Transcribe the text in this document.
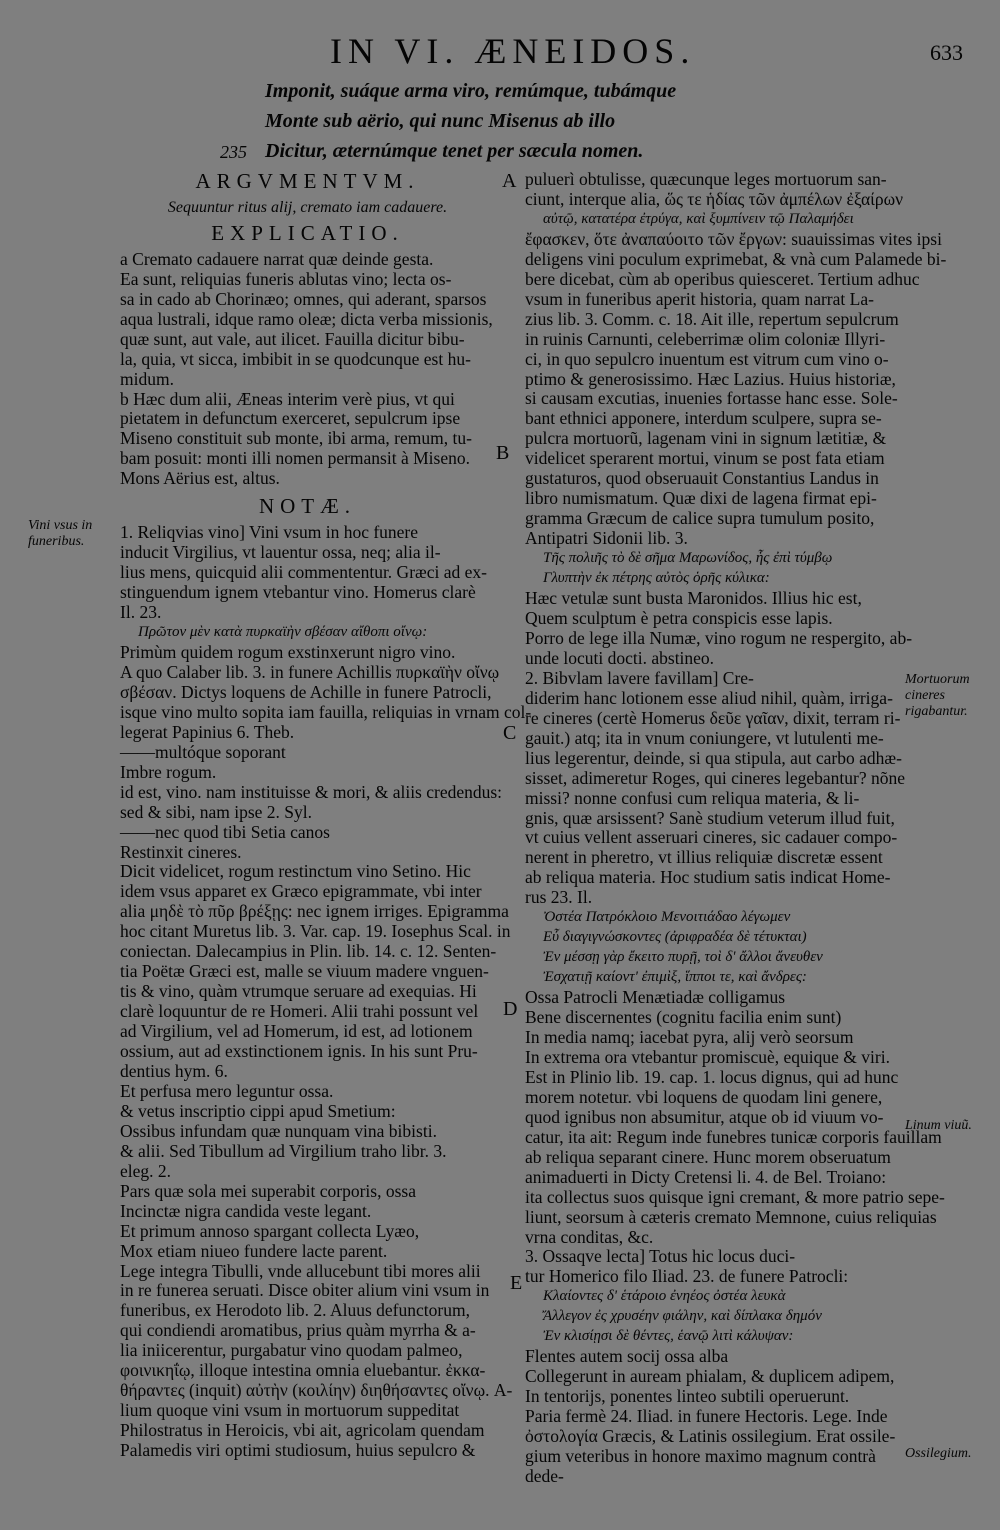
IN VI. ÆNEIDOS.	633
Imponit, suáque arma viro, remúmque, tubámque
Monte sub aërio, qui nunc Misenus ab illo
235 Dicitur, æternúmque tenet per sæcula nomen.
Vini vsus in funeribus.
Mortuorum cineres rigabantur.
Linum viuũ.
Ossilegium.
A
B
C
D
E
ARGVMENTVM.
Sequuntur ritus alij, cremato iam cadauere.
EXPLICATIO.
a Cremato cadauere narrat quæ deinde gesta.
Ea sunt, reliquias funeris ablutas vino; lecta os-
sa in cado ab Chorinæo; omnes, qui aderant, sparsos
aqua lustrali, idque ramo oleæ; dicta verba missionis,
quæ sunt, aut vale, aut ilicet. Fauilla dicitur bibu-
la, quia, vt sicca, imbibit in se quodcunque est hu-
midum.
b Hæc dum alii, Æneas interim verè pius, vt qui
pietatem in defunctum exerceret, sepulcrum ipse
Miseno constituit sub monte, ibi arma, remum, tu-
bam posuit: monti illi nomen permansit à Miseno.
Mons Aërius est, altus.
NOTÆ.
1. Reliqvias vino] Vini vsum in hoc funere
inducit Virgilius, vt lauentur ossa, neq; alia il-
lius mens, quicquid alii commententur. Græci ad ex-
stinguendum ignem vtebantur vino. Homerus clarè
Il. 23.
Πρῶτον μὲν κατὰ πυρκαϊὴν σβέσαν αἴθοπι οἴνῳ:
Primùm quidem rogum exstinxerunt nigro vino.
A quo Calaber lib. 3. in funere Achillis πυρκαϊὴν οἴνῳ
σβέσαν. Dictys loquens de Achille in funere Patrocli,
isque vino multo sopita iam fauilla, reliquias in vrnam col-
legerat Papinius 6. Theb.
——multóque soporant
Imbre rogum.
id est, vino. nam instituisse & mori, & aliis credendus:
sed & sibi, nam ipse 2. Syl.
——nec quod tibi Setia canos
Restinxit cineres.
Dicit videlicet, rogum restinctum vino Setino. Hic
idem vsus apparet ex Græco epigrammate, vbi inter
alia μηδὲ τὸ πῦρ βρέξῃς: nec ignem irriges. Epigramma
hoc citant Muretus lib. 3. Var. cap. 19. Iosephus Scal. in
coniectan. Dalecampius in Plin. lib. 14. c. 12. Senten-
tia Poëtæ Græci est, malle se viuum madere vnguen-
tis & vino, quàm vtrumque seruare ad exequias. Hi
clarè loquuntur de re Homeri. Alii trahi possunt vel
ad Virgilium, vel ad Homerum, id est, ad lotionem
ossium, aut ad exstinctionem ignis. In his sunt Pru-
dentius hym. 6.
Et perfusa mero leguntur ossa.
& vetus inscriptio cippi apud Smetium:
Ossibus infundam quæ nunquam vina bibisti.
& alii. Sed Tibullum ad Virgilium traho libr. 3.
eleg. 2.
Pars quæ sola mei superabit corporis, ossa
Incinctæ nigra candida veste legant.
Et primum annoso spargant collecta Lyæo,
Mox etiam niueo fundere lacte parent.
Lege integra Tibulli, vnde allucebunt tibi mores alii
in re funerea seruati. Disce obiter alium vini vsum in
funeribus, ex Herodoto lib. 2. Aluus defunctorum,
qui condiendi aromatibus, prius quàm myrrha & a-
lia iniicerentur, purgabatur vino quodam palmeo,
φοινικηΐῳ, illoque intestina omnia eluebantur. ἐκκα-
θήραντες (inquit) αὐτὴν (κοιλίην) διηθήσαντες οἴνῳ. A-
lium quoque vini vsum in mortuorum suppeditat
Philostratus in Heroicis, vbi ait, agricolam quendam
Palamedis viri optimi studiosum, huius sepulcro &
puluerì obtulisse, quæcunque leges mortuorum san-
ciunt, interque alia, ὥς τε ἡδίας τῶν ἀμπέλων ἐξαίρων
αὐτῷ, κατατέρα ἐτρύγα, καὶ ξυμπίνειν τῷ Παλαμήδει
ἔφασκεν, ὅτε ἀναπαύοιτο τῶν ἔργων: suauissimas vites ipsi
deligens vini poculum exprimebat, & vnà cum Palamede bi-
bere dicebat, cùm ab operibus quiesceret. Tertium adhuc
vsum in funeribus aperit historia, quam narrat La-
zius lib. 3. Comm. c. 18. Ait ille, repertum sepulcrum
in ruinis Carnunti, celeberrimæ olim coloniæ Illyri-
ci, in quo sepulcro inuentum est vitrum cum vino o-
ptimo & generosissimo. Hæc Lazius. Huius historiæ,
si causam excutias, inuenies fortasse hanc esse. Sole-
bant ethnici apponere, interdum sculpere, supra se-
pulcra mortuorũ, lagenam vini in signum lætitiæ, &
videlicet sperarent mortui, vinum se post fata etiam
gustaturos, quod obseruauit Constantius Landus in
libro numismatum. Quæ dixi de lagena firmat epi-
gramma Græcum de calice supra tumulum posito,
Antipatri Sidonii lib. 3.
Τῆς πολιῆς τὸ δὲ σῆμα Μαρωνίδος, ἧς ἐπὶ τύμβῳ
Γλυπτὴν ἐκ πέτρης αὐτὸς ὁρῆς κύλικα:
Hæc vetulæ sunt busta Maronidos. Illius hic est,
Quem sculptum è petra conspicis esse lapis.
Porro de lege illa Numæ, vino rogum ne respergito, ab-
unde locuti docti. abstineo.
2. Bibvlam lavere favillam] Cre-
diderim hanc lotionem esse aliud nihil, quàm, irriga-
re cineres (certè Homerus δεῦε γαῖαν, dixit, terram ri-
gauit.) atq; ita in vnum coniungere, vt lutulenti me-
lius legerentur, deinde, si qua stipula, aut carbo adhæ-
sisset, adimeretur Roges, qui cineres legebantur? nõne
missi? nonne confusi cum reliqua materia, & li-
gnis, quæ arsissent? Sanè studium veterum illud fuit,
vt cuius vellent asseruari cineres, sic cadauer compo-
nerent in pheretro, vt illius reliquiæ discretæ essent
ab reliqua materia. Hoc studium satis indicat Home-
rus 23. Il.
Ὀστέα Πατρόκλοιο Μενοιτιάδαο λέγωμεν
Εὖ διαγιγνώσκοντες (ἀριφραδέα δὲ τέτυκται)
Ἐν μέσσῃ γὰρ ἔκειτο πυρῇ, τοὶ δ' ἄλλοι ἄνευθεν
Ἐσχατιῇ καίοντ' ἐπιμὶξ, ἵπποι τε, καὶ ἄνδρες:
Ossa Patrocli Menætiadæ colligamus
Bene discernentes (cognitu facilia enim sunt)
In media namq; iacebat pyra, alij verò seorsum
In extrema ora vtebantur promiscuè, equique & viri.
Est in Plinio lib. 19. cap. 1. locus dignus, qui ad hunc
morem notetur. vbi loquens de quodam lini genere,
quod ignibus non absumitur, atque ob id viuum vo-
catur, ita ait: Regum inde funebres tunicæ corporis fauillam
ab reliqua separant cinere. Hunc morem obseruatum
animaduerti in Dicty Cretensi li. 4. de Bel. Troiano:
ita collectus suos quisque igni cremant, & more patrio sepe-
liunt, seorsum à cæteris cremato Memnone, cuius reliquias
vrna conditas, &c.
3. Ossaqve lecta] Totus hic locus duci-
tur Homerico filo Iliad. 23. de funere Patrocli:
Κλαίοντες δ' ἑτάροιο ἐνηέος ὀστέα λευκὰ
Ἄλλεγον ἐς χρυσέην φιάλην, καὶ δίπλακα δημόν
Ἐν κλισίῃσι δὲ θέντες, ἑανῷ λιτὶ κάλυψαν:
Flentes autem socij ossa alba
Collegerunt in auream phialam, & duplicem adipem,
In tentorijs, ponentes linteo subtili operuerunt.
Paria fermè 24. Iliad. in funere Hectoris. Lege. Inde
ὀστολογία Græcis, & Latinis ossilegium. Erat ossile-
gium veteribus in honore maximo magnum contrà
dede-
